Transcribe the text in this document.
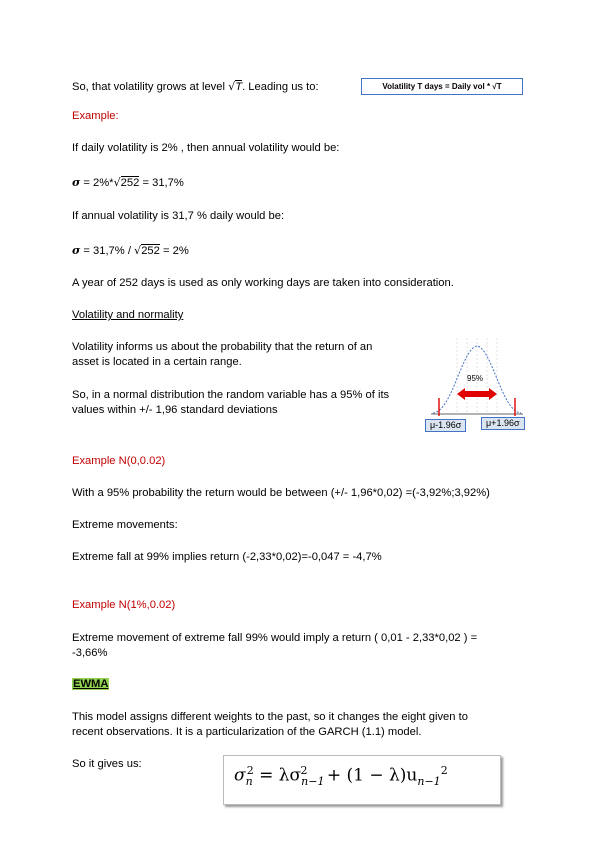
So, that volatility grows at level √T. Leading us to:	Volatility T days = Daily vol * √T
Example:
If daily volatility is 2% , then annual volatility would be:
σ = 2%*√252 = 31,7%
If annual volatility is 31,7 % daily would be:
σ = 31,7% / √252 = 2%
A year of 252 days is used as only working days are taken into consideration.
Volatility and normality
Volatility informs us about the probability that the return of an
asset is located in a certain range.
So, in a normal distribution the random variable has a 95% of its
values within +/- 1,96 standard deviations
95%
μ-1.96σ	μ+1.96σ
Example N(0,0.02)
With a 95% probability the return would be between (+/- 1,96*0,02) =(-3,92%;3,92%)
Extreme movements:
Extreme fall at 99% implies return (-2,33*0,02)=-0,047 = -4,7%
Example N(1%,0.02)
Extreme movement of extreme fall 99% would imply a return ( 0,01 - 2,33*0,02 ) =
-3,66%
EWMA
This model assigns different weights to the past, so it changes the eight given to
recent observations. It is a particularization of the GARCH (1.1) model.
So it gives us:
$\sigma_n^2 = \lambda\sigma_{n-1}^2 + (1 - \lambda)u_{n-1}^2$
